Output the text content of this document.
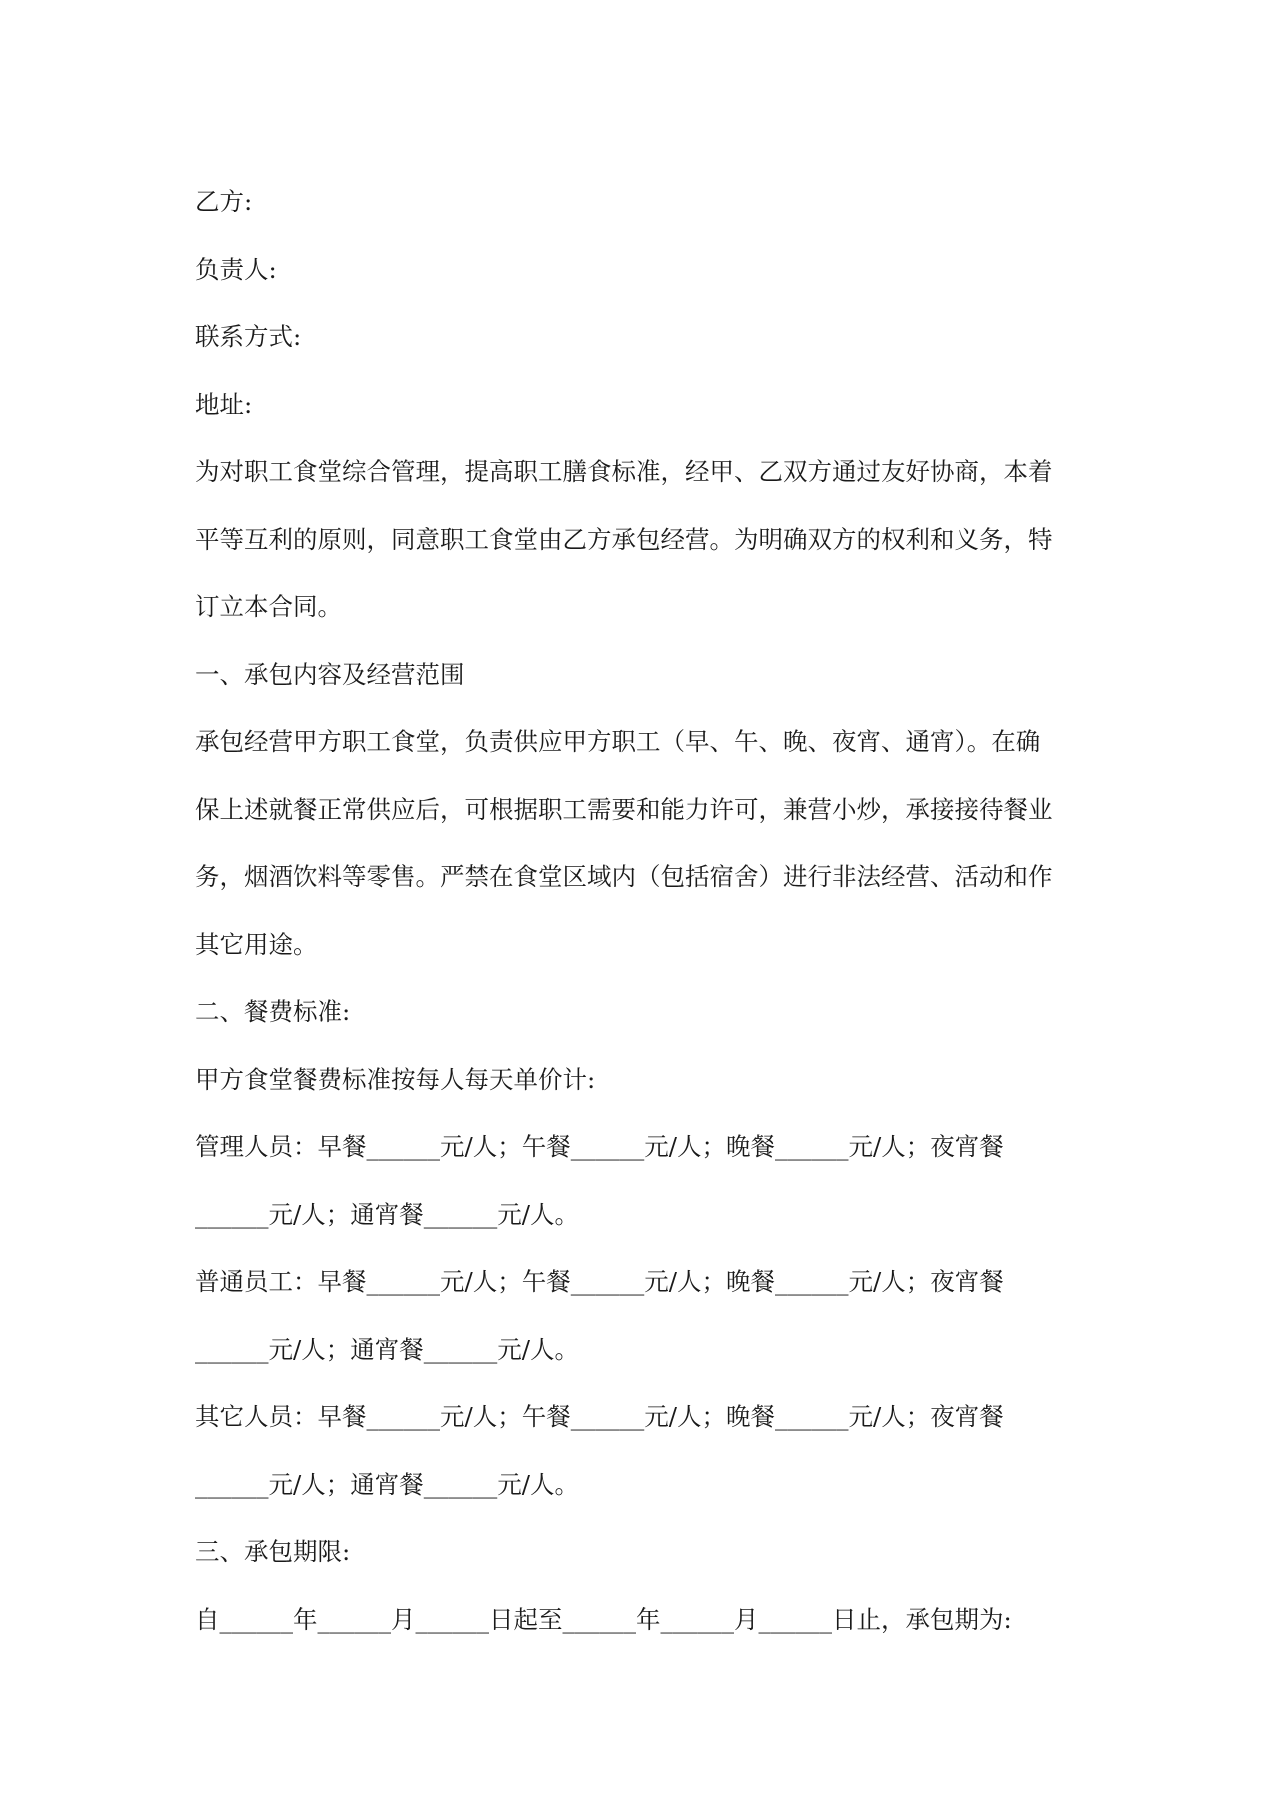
乙方:
负责人:
联系方式:
地址:
为对职工食堂综合管理，提高职工膳食标准，经甲、乙双方通过友好协商，本着
平等互利的原则，同意职工食堂由乙方承包经营。为明确双方的权利和义务，特
订立本合同。
一、承包内容及经营范围
承包经营甲方职工食堂，负责供应甲方职工（早、午、晚、夜宵、通宵）。在确
保上述就餐正常供应后，可根据职工需要和能力许可，兼营小炒，承接接待餐业
务，烟酒饮料等零售。严禁在食堂区域内（包括宿舍）进行非法经营、活动和作
其它用途。
二、餐费标准:
甲方食堂餐费标准按每人每天单价计:
管理人员：早餐______元/人；午餐______元/人；晚餐______元/人；夜宵餐
______元/人；通宵餐______元/人。
普通员工：早餐______元/人；午餐______元/人；晚餐______元/人；夜宵餐
______元/人；通宵餐______元/人。
其它人员：早餐______元/人；午餐______元/人；晚餐______元/人；夜宵餐
______元/人；通宵餐______元/人。
三、承包期限:
自______年______月______日起至______年______月______日止，承包期为:
